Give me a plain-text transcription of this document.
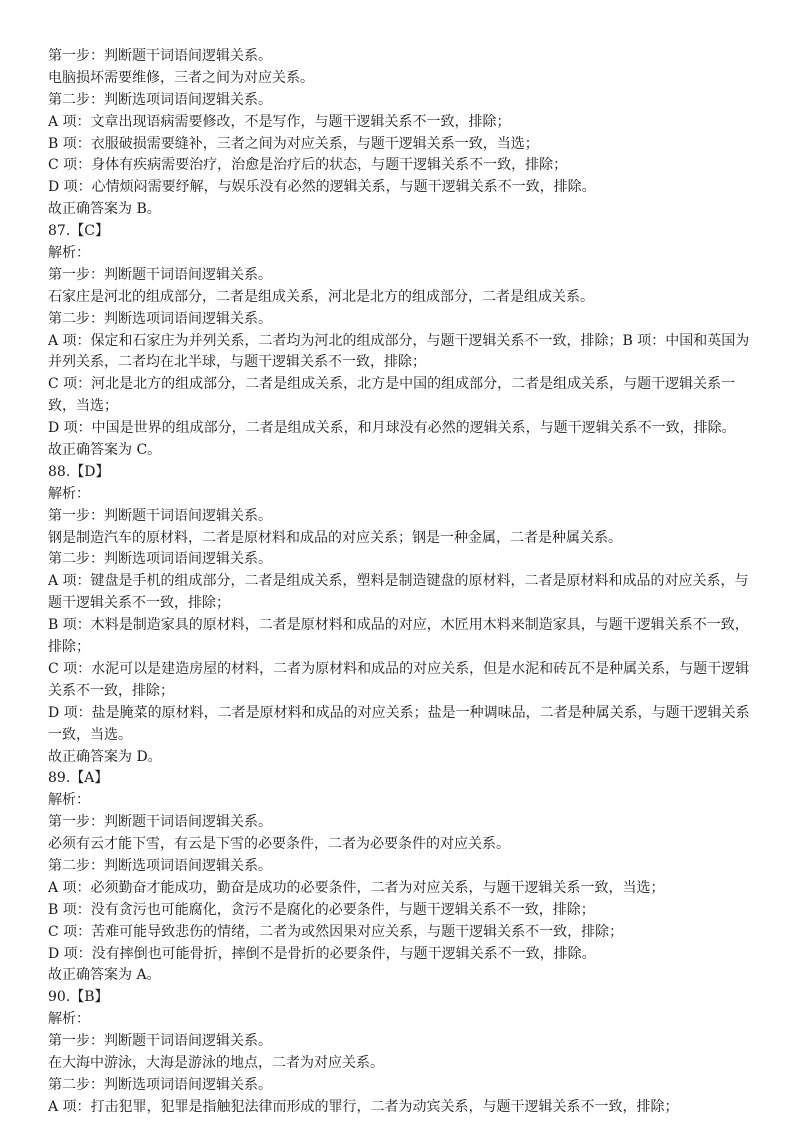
第一步：判断题干词语间逻辑关系。
电脑损坏需要维修，三者之间为对应关系。
第二步：判断选项词语间逻辑关系。
A 项：文章出现语病需要修改，不是写作，与题干逻辑关系不一致，排除；
B 项：衣服破损需要缝补，三者之间为对应关系，与题干逻辑关系一致，当选；
C 项：身体有疾病需要治疗，治愈是治疗后的状态，与题干逻辑关系不一致，排除；
D 项：心情烦闷需要纾解，与娱乐没有必然的逻辑关系，与题干逻辑关系不一致，排除。
故正确答案为 B。
87.【C】
解析：
第一步：判断题干词语间逻辑关系。
石家庄是河北的组成部分，二者是组成关系，河北是北方的组成部分，二者是组成关系。
第二步：判断选项词语间逻辑关系。
A 项：保定和石家庄为并列关系，二者均为河北的组成部分，与题干逻辑关系不一致，排除；B 项：中国和英国为
并列关系，二者均在北半球，与题干逻辑关系不一致，排除；
C 项：河北是北方的组成部分，二者是组成关系，北方是中国的组成部分，二者是组成关系，与题干逻辑关系一
致，当选；
D 项：中国是世界的组成部分，二者是组成关系，和月球没有必然的逻辑关系，与题干逻辑关系不一致，排除。
故正确答案为 C。
88.【D】
解析：
第一步：判断题干词语间逻辑关系。
钢是制造汽车的原材料，二者是原材料和成品的对应关系；钢是一种金属，二者是种属关系。
第二步：判断选项词语间逻辑关系。
A 项：键盘是手机的组成部分，二者是组成关系，塑料是制造键盘的原材料，二者是原材料和成品的对应关系，与
题干逻辑关系不一致，排除；
B 项：木料是制造家具的原材料，二者是原材料和成品的对应，木匠用木料来制造家具，与题干逻辑关系不一致，
排除；
C 项：水泥可以是建造房屋的材料，二者为原材料和成品的对应关系，但是水泥和砖瓦不是种属关系，与题干逻辑
关系不一致，排除；
D 项：盐是腌菜的原材料，二者是原材料和成品的对应关系；盐是一种调味品，二者是种属关系，与题干逻辑关系
一致，当选。
故正确答案为 D。
89.【A】
解析：
第一步：判断题干词语间逻辑关系。
必须有云才能下雪，有云是下雪的必要条件，二者为必要条件的对应关系。
第二步：判断选项词语间逻辑关系。
A 项：必须勤奋才能成功，勤奋是成功的必要条件，二者为对应关系，与题干逻辑关系一致，当选；
B 项：没有贪污也可能腐化，贪污不是腐化的必要条件，与题干逻辑关系不一致，排除；
C 项：苦难可能导致悲伤的情绪，二者为或然因果对应关系，与题干逻辑关系不一致，排除；
D 项：没有摔倒也可能骨折，摔倒不是骨折的必要条件，与题干逻辑关系不一致，排除。
故正确答案为 A。
90.【B】
解析：
第一步：判断题干词语间逻辑关系。
在大海中游泳，大海是游泳的地点，二者为对应关系。
第二步：判断选项词语间逻辑关系。
A 项：打击犯罪，犯罪是指触犯法律而形成的罪行，二者为动宾关系，与题干逻辑关系不一致，排除；
